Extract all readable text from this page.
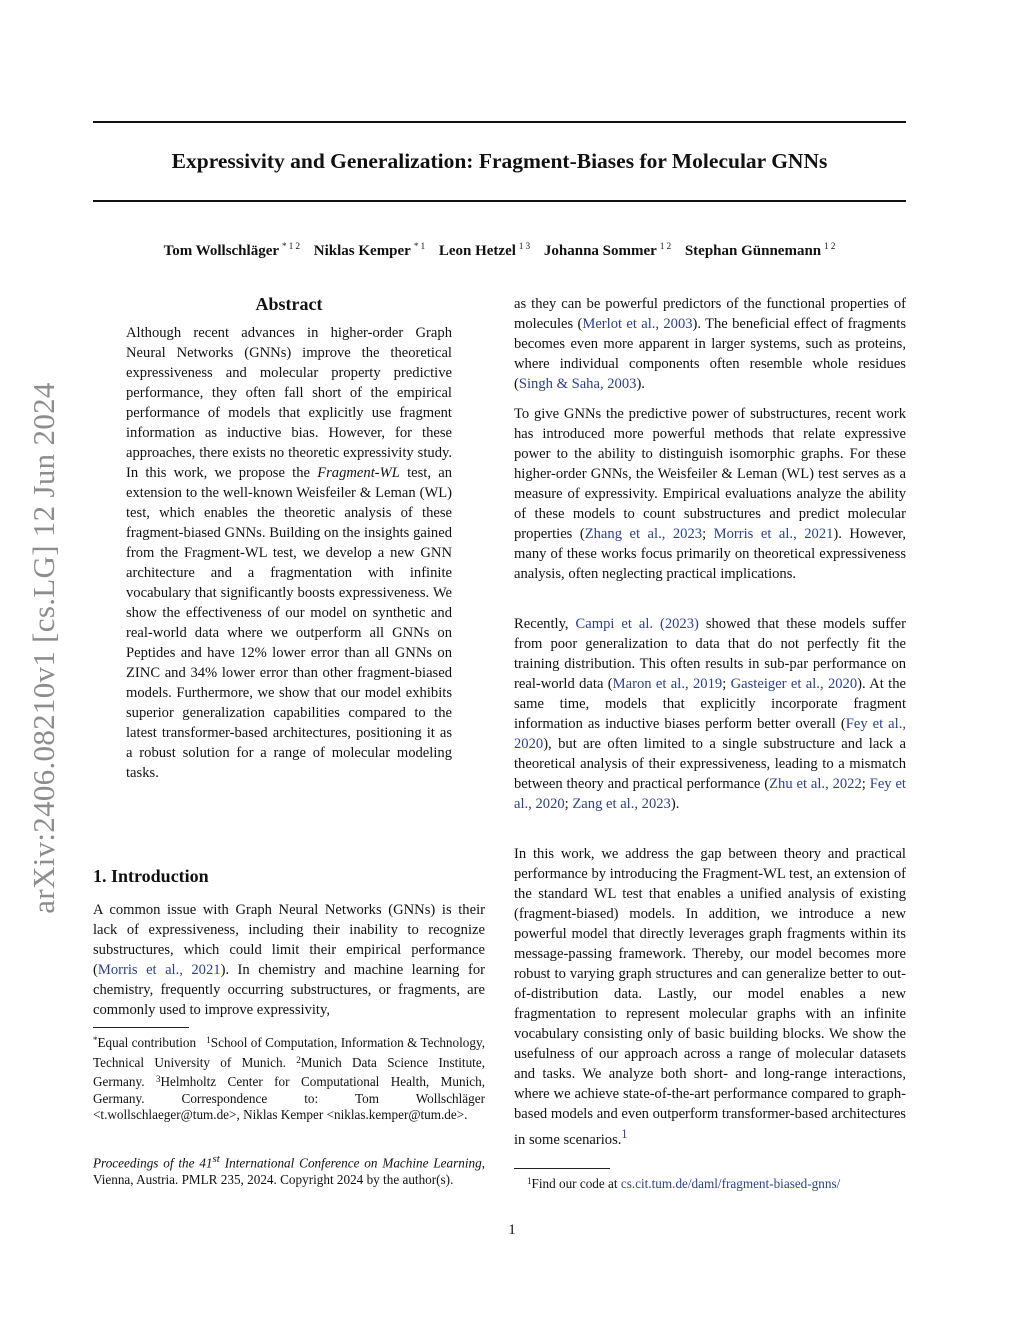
arXiv:2406.08210v1 [cs.LG] 12 Jun 2024
Expressivity and Generalization: Fragment-Biases for Molecular GNNs
Tom Wollschläger $^{* 1 2}$ Niklas Kemper $^{* 1}$ Leon Hetzel $^{1 3}$ Johanna Sommer $^{1 2}$ Stephan Günnemann $^{1 2}$
Abstract

Although recent advances in higher-order Graph Neural Networks (GNNs) improve the theoretical expressiveness and molecular property predictive performance, they often fall short of the empirical performance of models that explicitly use fragment information as inductive bias. However, for these approaches, there exists no theoretic expressivity study. In this work, we propose the Fragment-WL test, an extension to the well-known Weisfeiler & Leman (WL) test, which enables the theoretic analysis of these fragment-biased GNNs. Building on the insights gained from the Fragment-WL test, we develop a new GNN architecture and a fragmentation with infinite vocabulary that significantly boosts expressiveness. We show the effectiveness of our model on synthetic and real-world data where we outperform all GNNs on Peptides and have 12% lower error than all GNNs on ZINC and 34% lower error than other fragment-biased models. Furthermore, we show that our model exhibits superior generalization capabilities compared to the latest transformer-based architectures, positioning it as a robust solution for a range of molecular modeling tasks.

1. Introduction

A common issue with Graph Neural Networks (GNNs) is their lack of expressiveness, including their inability to recognize substructures, which could limit their empirical performance (Morris et al., 2021). In chemistry and machine learning for chemistry, frequently occurring substructures, or fragments, are commonly used to improve expressivity,

*Equal contribution $^1$School of Computation, Information & Technology, Technical University of Munich. $^2$Munich Data Science Institute, Germany. $^3$Helmholtz Center for Computational Health, Munich, Germany.	Correspondence to: Tom Wollschläger <t.wollschlaeger@tum.de>, Niklas Kemper <niklas.kemper@tum.de>.

Proceedings of the 41st International Conference on Machine Learning, Vienna, Austria. PMLR 235, 2024. Copyright 2024 by the author(s).

as they can be powerful predictors of the functional properties of molecules (Merlot et al., 2003). The beneficial effect of fragments becomes even more apparent in larger systems, such as proteins, where individual components often resemble whole residues (Singh & Saha, 2003).

To give GNNs the predictive power of substructures, recent work has introduced more powerful methods that relate expressive power to the ability to distinguish isomorphic graphs. For these higher-order GNNs, the Weisfeiler & Leman (WL) test serves as a measure of expressivity. Empirical evaluations analyze the ability of these models to count substructures and predict molecular properties (Zhang et al., 2023; Morris et al., 2021). However, many of these works focus primarily on theoretical expressiveness analysis, often neglecting practical implications.

Recently, Campi et al. (2023) showed that these models suffer from poor generalization to data that do not perfectly fit the training distribution. This often results in sub-par performance on real-world data (Maron et al., 2019; Gasteiger et al., 2020). At the same time, models that explicitly incorporate fragment information as inductive biases perform better overall (Fey et al., 2020), but are often limited to a single substructure and lack a theoretical analysis of their expressiveness, leading to a mismatch between theory and practical performance (Zhu et al., 2022; Fey et al., 2020; Zang et al., 2023).

In this work, we address the gap between theory and practical performance by introducing the Fragment-WL test, an extension of the standard WL test that enables a unified analysis of existing (fragment-biased) models. In addition, we introduce a new powerful model that directly leverages graph fragments within its message-passing framework. Thereby, our model becomes more robust to varying graph structures and can generalize better to out-of-distribution data. Lastly, our model enables a new fragmentation to represent molecular graphs with an infinite vocabulary consisting only of basic building blocks. We show the usefulness of our approach across a range of molecular datasets and tasks. We analyze both short- and long-range interactions, where we achieve state-of-the-art performance compared to graph-based models and even outperform transformer-based architectures in some scenarios.$^1$

$^1$Find our code at cs.cit.tum.de/daml/fragment-biased-gnns/

1
